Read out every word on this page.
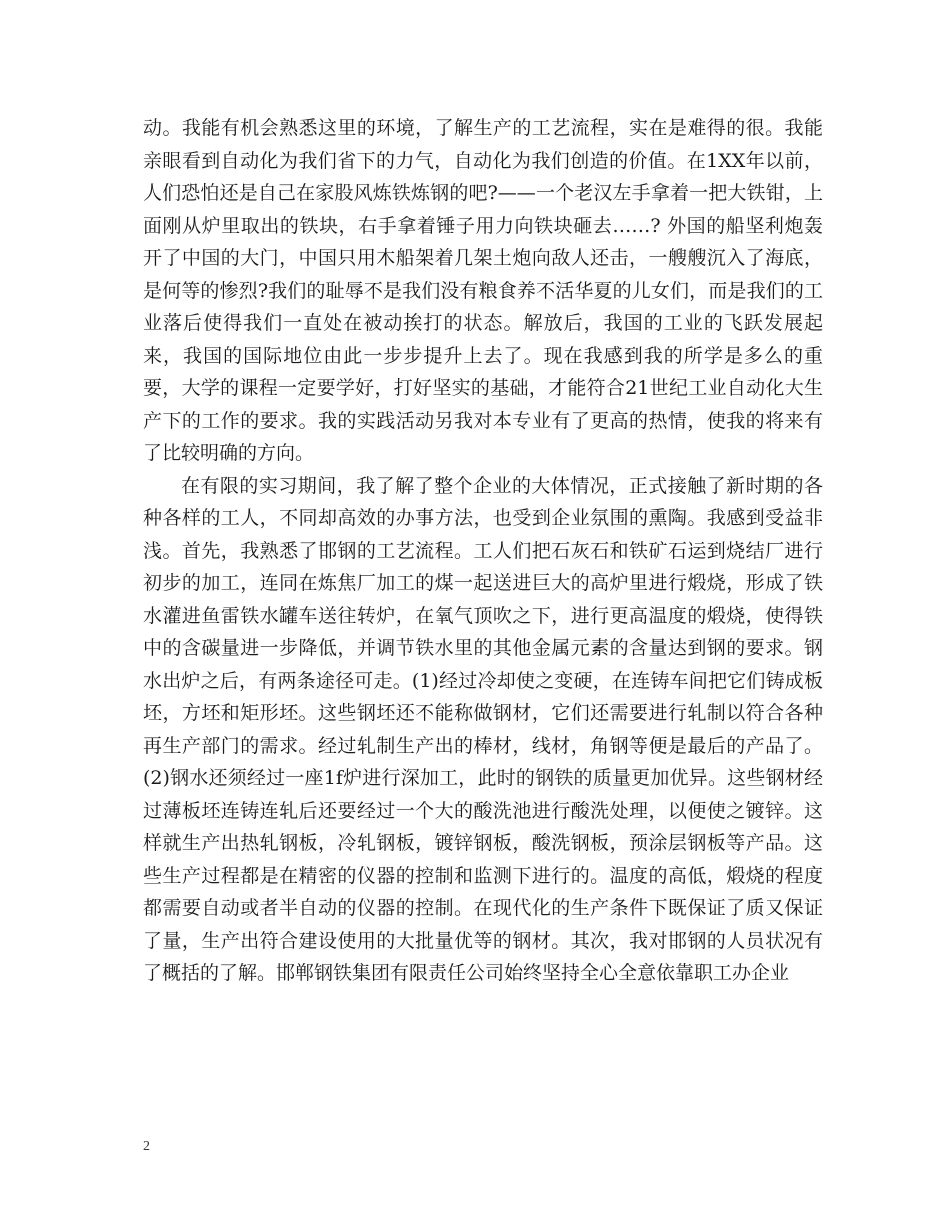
动。我能有机会熟悉这里的环境，了解生产的工艺流程，实在是难得的很。我能亲眼看到自动化为我们省下的力气，自动化为我们创造的价值。在1XX年以前，人们恐怕还是自己在家股风炼铁炼钢的吧?——一个老汉左手拿着一把大铁钳，上面刚从炉里取出的铁块，右手拿着锤子用力向铁块砸去……? 外国的船坚利炮轰开了中国的大门，中国只用木船架着几架土炮向敌人还击，一艘艘沉入了海底，是何等的惨烈?我们的耻辱不是我们没有粮食养不活华夏的儿女们，而是我们的工业落后使得我们一直处在被动挨打的状态。解放后，我国的工业的飞跃发展起来，我国的国际地位由此一步步提升上去了。现在我感到我的所学是多么的重要，大学的课程一定要学好，打好坚实的基础，才能符合21世纪工业自动化大生产下的工作的要求。我的实践活动另我对本专业有了更高的热情，使我的将来有了比较明确的方向。

在有限的实习期间，我了解了整个企业的大体情况，正式接触了新时期的各种各样的工人，不同却高效的办事方法，也受到企业氛围的熏陶。我感到受益非浅。首先，我熟悉了邯钢的工艺流程。工人们把石灰石和铁矿石运到烧结厂进行初步的加工，连同在炼焦厂加工的煤一起送进巨大的高炉里进行煅烧，形成了铁水灌进鱼雷铁水罐车送往转炉，在氧气顶吹之下，进行更高温度的煅烧，使得铁中的含碳量进一步降低，并调节铁水里的其他金属元素的含量达到钢的要求。钢水出炉之后，有两条途径可走。(1)经过冷却使之变硬，在连铸车间把它们铸成板坯，方坯和矩形坯。这些钢坯还不能称做钢材，它们还需要进行轧制以符合各种再生产部门的需求。经过轧制生产出的棒材，线材，角钢等便是最后的产品了。(2)钢水还须经过一座1f炉进行深加工，此时的钢铁的质量更加优异。这些钢材经过薄板坯连铸连轧后还要经过一个大的酸洗池进行酸洗处理，以便使之镀锌。这样就生产出热轧钢板，冷轧钢板，镀锌钢板，酸洗钢板，预涂层钢板等产品。这些生产过程都是在精密的仪器的控制和监测下进行的。温度的高低，煅烧的程度都需要自动或者半自动的仪器的控制。在现代化的生产条件下既保证了质又保证了量，生产出符合建设使用的大批量优等的钢材。其次，我对邯钢的人员状况有了概括的了解。邯郸钢铁集团有限责任公司始终坚持全心全意依靠职工办企业

2
